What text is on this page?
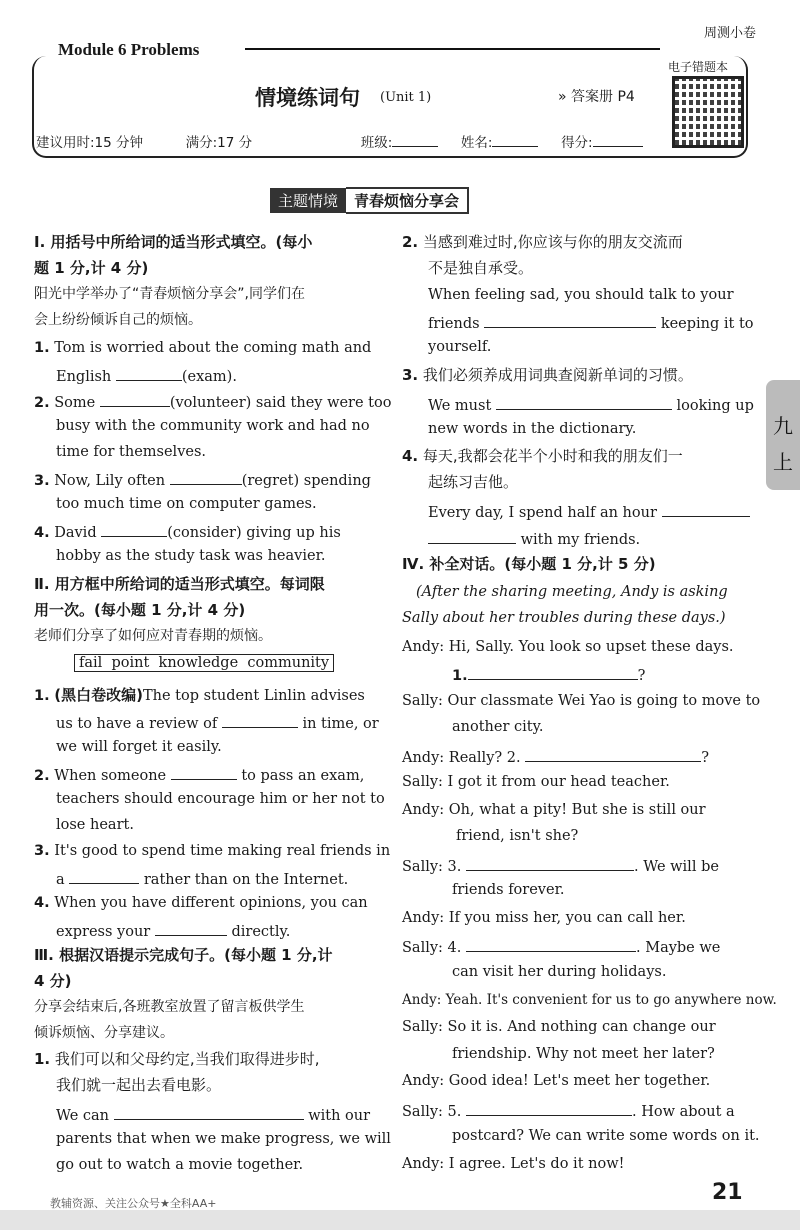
周测小卷
Module 6 Problems
情境练词句 (Unit 1)	» 答案册 P4
电子错题本
建议用时:15 分钟	满分:17 分	班级:	姓名:	得分:
主题情境 青春烦恼分享会
九
上
Ⅰ. 用括号中所给词的适当形式填空。(每小
题 1 分,计 4 分)
阳光中学举办了“青春烦恼分享会”,同学们在
会上纷纷倾诉自己的烦恼。
1. Tom is worried about the coming math and
English	(exam).
2. Some	(volunteer) said they were too
busy with the community work and had no
time for themselves.
3. Now, Lily often	(regret) spending
too much time on computer games.
4. David	(consider) giving up his
hobby as the study task was heavier.
Ⅱ. 用方框中所给词的适当形式填空。每词限
用一次。(每小题 1 分,计 4 分)
老师们分享了如何应对青春期的烦恼。
fail  point  knowledge  community
1. (黑白卷改编)The top student Linlin advises
us to have a review of	in time, or
we will forget it easily.
2. When someone	to pass an exam,
teachers should encourage him or her not to
lose heart.
3. It's good to spend time making real friends in
a	rather than on the Internet.
4. When you have different opinions, you can
express your	directly.
Ⅲ. 根据汉语提示完成句子。(每小题 1 分,计
4 分)
分享会结束后,各班教室放置了留言板供学生
倾诉烦恼、分享建议。
1. 我们可以和父母约定,当我们取得进步时,
我们就一起出去看电影。
We can	with our
parents that when we make progress, we will
go out to watch a movie together.
2. 当感到难过时,你应该与你的朋友交流而
不是独自承受。
When feeling sad, you should talk to your
friends	keeping it to
yourself.
3. 我们必须养成用词典查阅新单词的习惯。
We must	looking up
new words in the dictionary.
4. 每天,我都会花半个小时和我的朋友们一
起练习吉他。
Every day, I spend half an hour
with my friends.
Ⅳ. 补全对话。(每小题 1 分,计 5 分)
(After the sharing meeting, Andy is asking
Sally about her troubles during these days.)
Andy: Hi, Sally. You look so upset these days.
1.	?
Sally: Our classmate Wei Yao is going to move to
another city.
Andy: Really? 2.	?
Sally: I got it from our head teacher.
Andy: Oh, what a pity! But she is still our
friend, isn't she?
Sally: 3.	. We will be
friends forever.
Andy: If you miss her, you can call her.
Sally: 4.	. Maybe we
can visit her during holidays.
Andy: Yeah. It's convenient for us to go anywhere now.
Sally: So it is. And nothing can change our
friendship. Why not meet her later?
Andy: Good idea! Let's meet her together.
Sally: 5.	. How about a
postcard? We can write some words on it.
Andy: I agree. Let's do it now!
教辅资源、关注公众号★全科AA+	21
